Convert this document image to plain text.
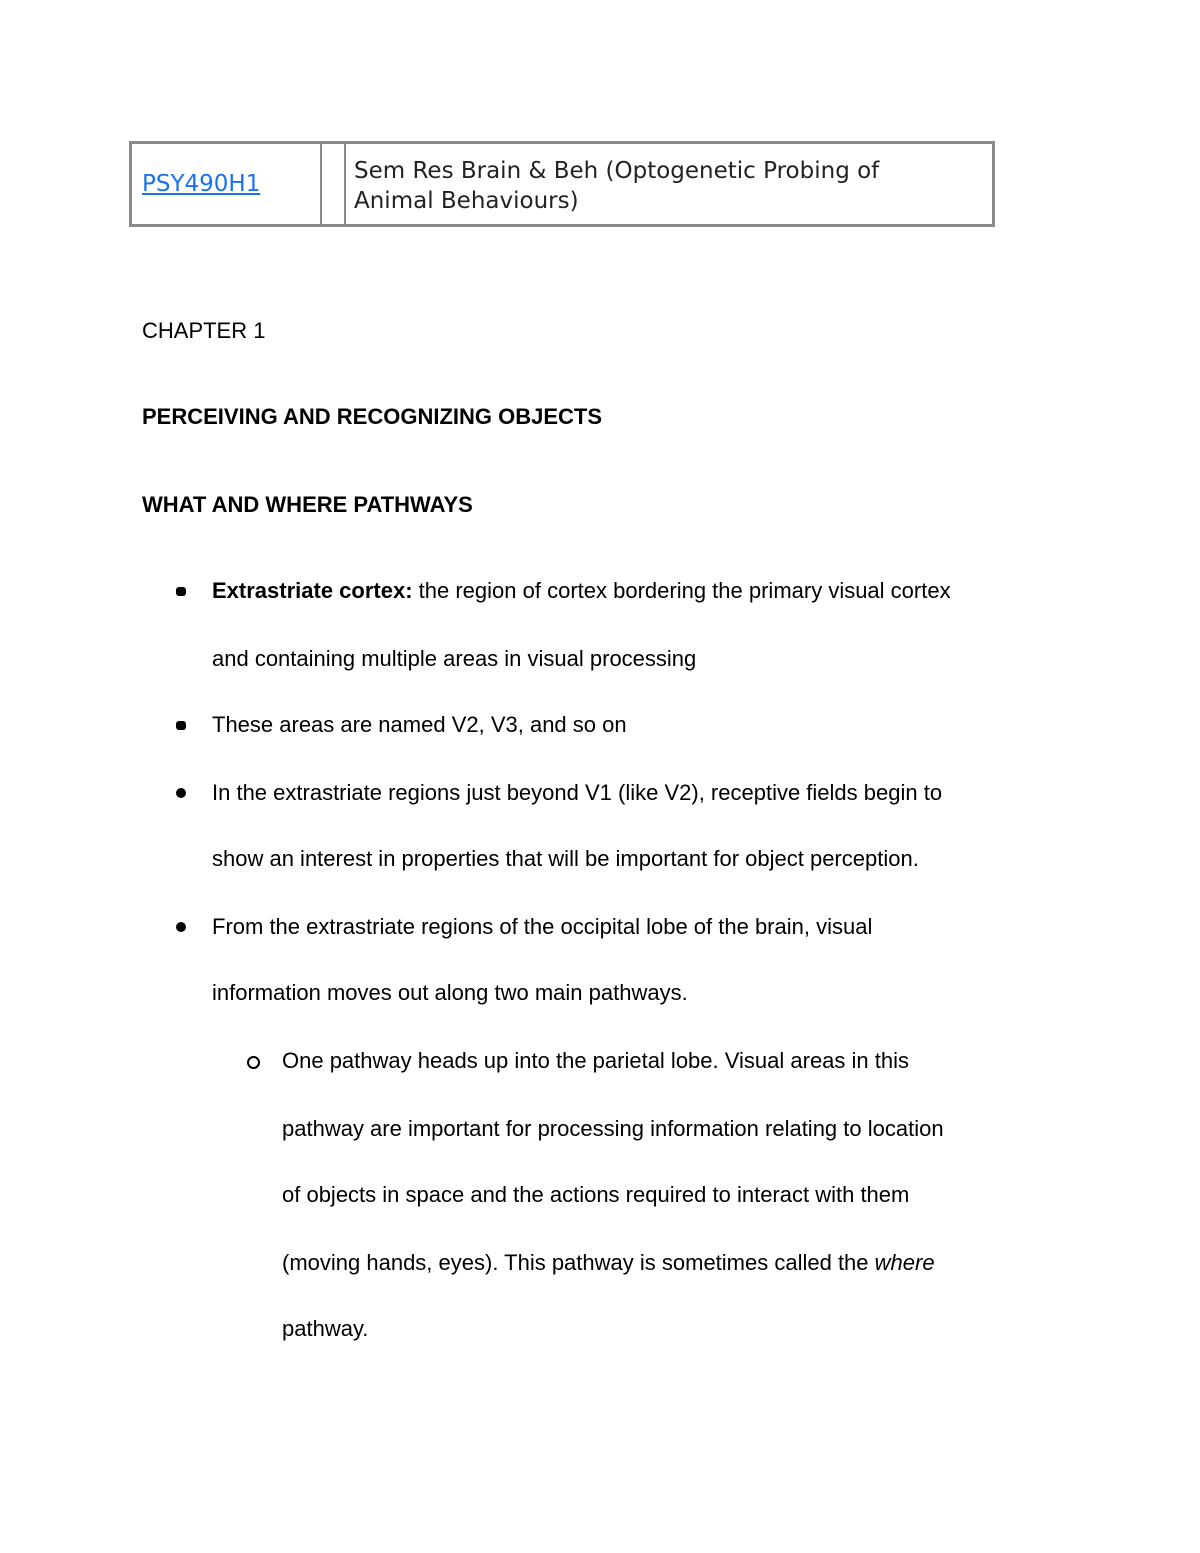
PSY490H1	Sem Res Brain & Beh (Optogenetic Probing of
Animal Behaviours)
CHAPTER 1
PERCEIVING AND RECOGNIZING OBJECTS
WHAT AND WHERE PATHWAYS
Extrastriate cortex: the region of cortex bordering the primary visual cortex
and containing multiple areas in visual processing
These areas are named V2, V3, and so on
In the extrastriate regions just beyond V1 (like V2), receptive fields begin to
show an interest in properties that will be important for object perception.
From the extrastriate regions of the occipital lobe of the brain, visual
information moves out along two main pathways.
One pathway heads up into the parietal lobe. Visual areas in this
pathway are important for processing information relating to location
of objects in space and the actions required to interact with them
(moving hands, eyes). This pathway is sometimes called the where
pathway.
